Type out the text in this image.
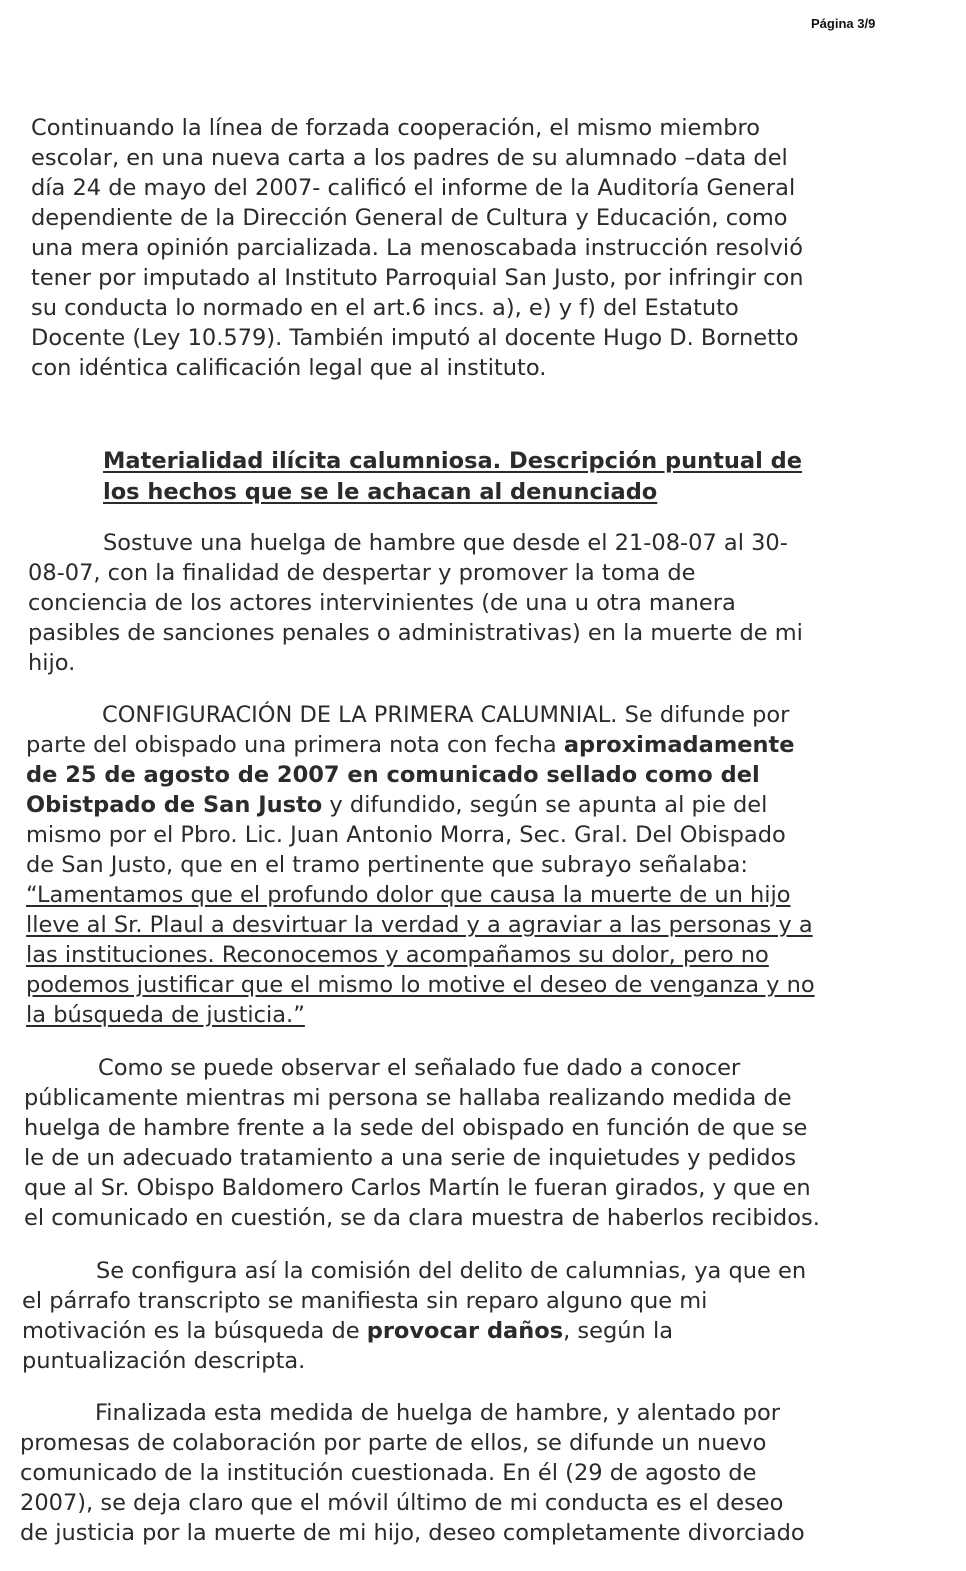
Página 3/9
Continuando la línea de forzada cooperación, el mismo miembro
escolar, en una nueva carta a los padres de su alumnado –data del
día 24 de mayo del 2007- calificó el informe de la Auditoría General
dependiente de la Dirección General de Cultura y Educación, como
una mera opinión parcializada. La menoscabada instrucción resolvió
tener por imputado al Instituto Parroquial San Justo, por infringir con
su conducta lo normado en el art.6 incs. a), e) y f) del Estatuto
Docente (Ley 10.579). También imputó al docente Hugo D. Bornetto
con idéntica calificación legal que al instituto.
Materialidad ilícita calumniosa. Descripción puntual de
los hechos que se le achacan al denunciado
Sostuve una huelga de hambre que desde el 21-08-07 al 30-
08-07, con la finalidad de despertar y promover la toma de
conciencia de los actores intervinientes (de una u otra manera
pasibles de sanciones penales o administrativas) en la muerte de mi
hijo.
CONFIGURACIÓN DE LA PRIMERA CALUMNIAL. Se difunde por
parte del obispado una primera nota con fecha aproximadamente
de 25 de agosto de 2007 en comunicado sellado como del
Obistpado de San Justo y difundido, según se apunta al pie del
mismo por el Pbro. Lic. Juan Antonio Morra, Sec. Gral. Del Obispado
de San Justo, que en el tramo pertinente que subrayo señalaba:
“Lamentamos que el profundo dolor que causa la muerte de un hijo
lleve al Sr. Plaul a desvirtuar la verdad y a agraviar a las personas y a
las instituciones. Reconocemos y acompañamos su dolor, pero no
podemos justificar que el mismo lo motive el deseo de venganza y no
la búsqueda de justicia.”
Como se puede observar el señalado fue dado a conocer
públicamente mientras mi persona se hallaba realizando medida de
huelga de hambre frente a la sede del obispado en función de que se
le de un adecuado tratamiento a una serie de inquietudes y pedidos
que al Sr. Obispo Baldomero Carlos Martín le fueran girados, y que en
el comunicado en cuestión, se da clara muestra de haberlos recibidos.
Se configura así la comisión del delito de calumnias, ya que en
el párrafo transcripto se manifiesta sin reparo alguno que mi
motivación es la búsqueda de provocar daños, según la
puntualización descripta.
Finalizada esta medida de huelga de hambre, y alentado por
promesas de colaboración por parte de ellos, se difunde un nuevo
comunicado de la institución cuestionada. En él (29 de agosto de
2007), se deja claro que el móvil último de mi conducta es el deseo
de justicia por la muerte de mi hijo, deseo completamente divorciado
